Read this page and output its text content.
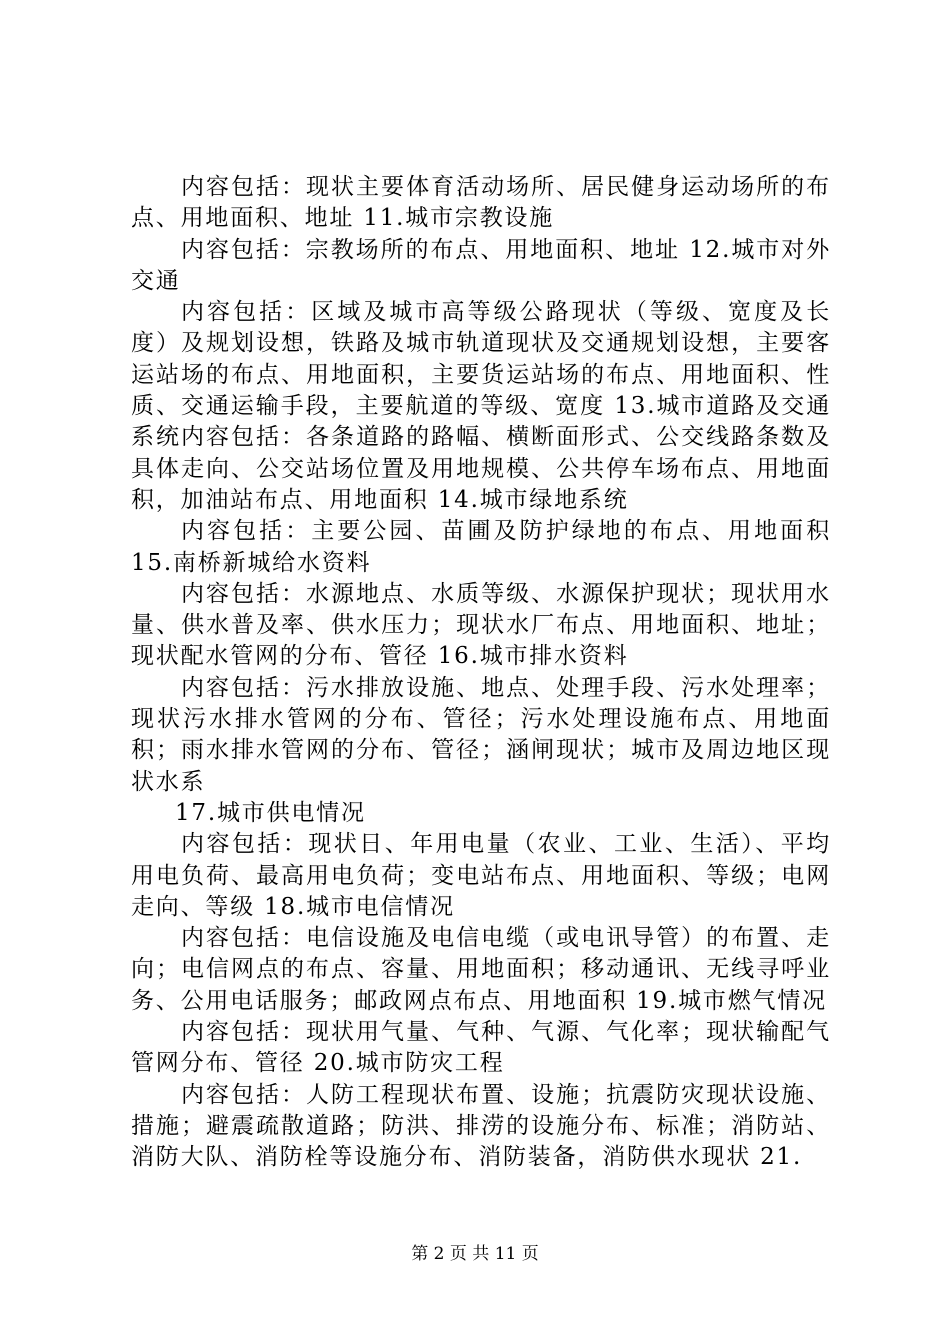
内容包括：现状主要体育活动场所、居民健身运动场所的布点、用地面积、地址 11.城市宗教设施

内容包括：宗教场所的布点、用地面积、地址 12.城市对外交通

内容包括：区域及城市高等级公路现状（等级、宽度及长度）及规划设想，铁路及城市轨道现状及交通规划设想，主要客运站场的布点、用地面积，主要货运站场的布点、用地面积、性质、交通运输手段，主要航道的等级、宽度 13.城市道路及交通系统内容包括：各条道路的路幅、横断面形式、公交线路条数及具体走向、公交站场位置及用地规模、公共停车场布点、用地面积，加油站布点、用地面积 14.城市绿地系统

内容包括：主要公园、苗圃及防护绿地的布点、用地面积 15.南桥新城给水资料

内容包括：水源地点、水质等级、水源保护现状；现状用水量、供水普及率、供水压力；现状水厂布点、用地面积、地址；现状配水管网的分布、管径 16.城市排水资料

内容包括：污水排放设施、地点、处理手段、污水处理率；现状污水排水管网的分布、管径；污水处理设施布点、用地面积；雨水排水管网的分布、管径；涵闸现状；城市及周边地区现状水系

17.城市供电情况

内容包括：现状日、年用电量（农业、工业、生活）、平均用电负荷、最高用电负荷；变电站布点、用地面积、等级；电网走向、等级 18.城市电信情况

内容包括：电信设施及电信电缆（或电讯导管）的布置、走向；电信网点的布点、容量、用地面积；移动通讯、无线寻呼业务、公用电话服务；邮政网点布点、用地面积 19.城市燃气情况

内容包括：现状用气量、气种、气源、气化率；现状输配气管网分布、管径 20.城市防灾工程

内容包括：人防工程现状布置、设施；抗震防灾现状设施、措施；避震疏散道路；防洪、排涝的设施分布、标准；消防站、消防大队、消防栓等设施分布、消防装备，消防供水现状 21.

第 2 页 共 11 页
